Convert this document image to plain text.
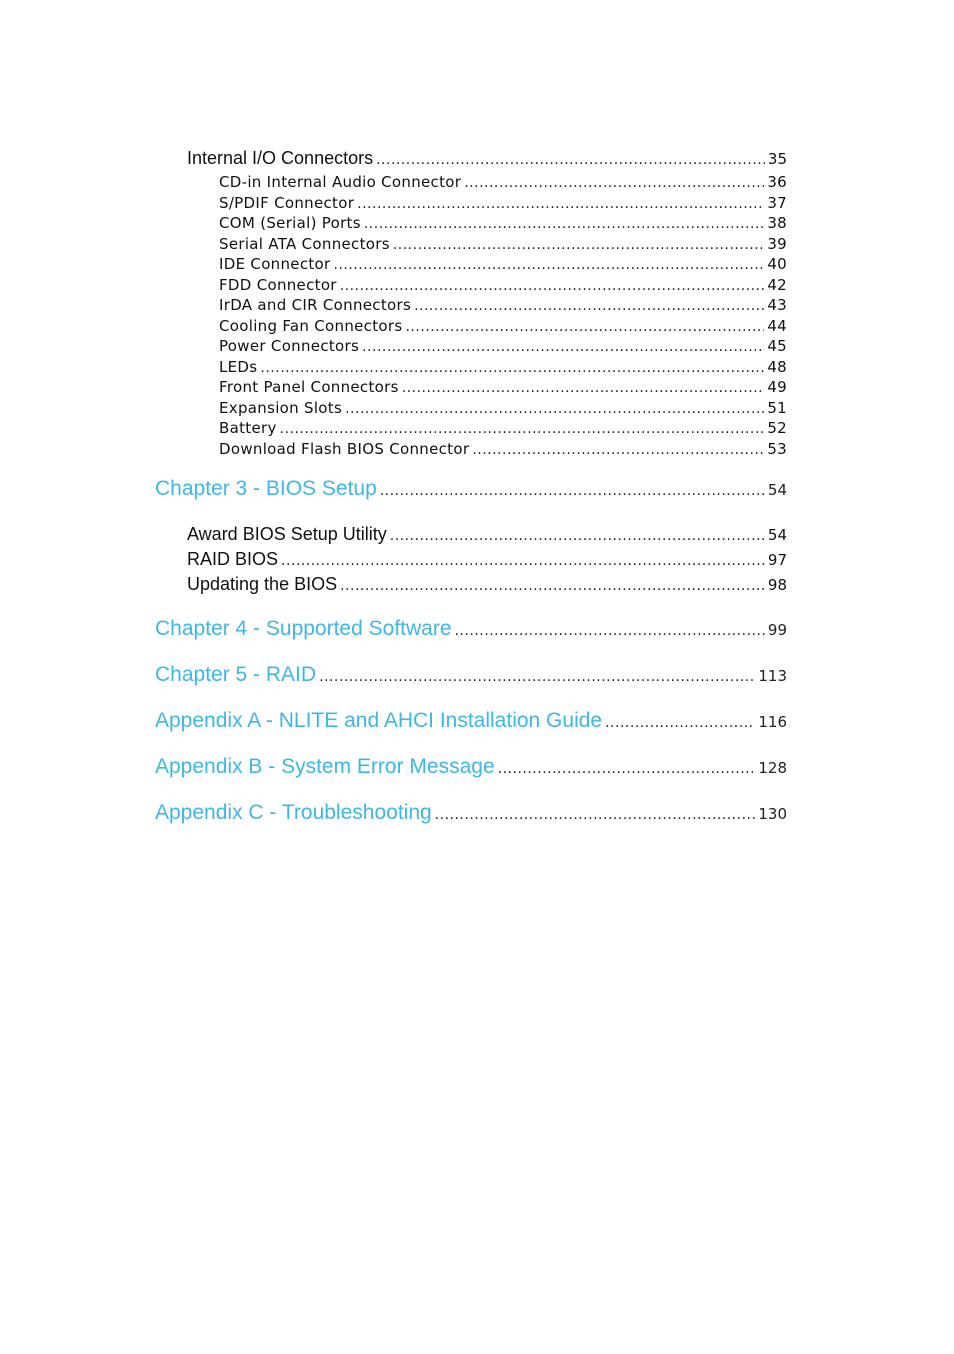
Internal I/O Connectors .....	35
CD-in Internal Audio Connector .....	36
S/PDIF Connector .....	37
COM (Serial) Ports .....	38
Serial ATA Connectors .....	39
IDE Connector .....	40
FDD Connector .....	42
IrDA and CIR Connectors .....	43
Cooling Fan Connectors .....	44
Power Connectors .....	45
LEDs .....	48
Front Panel Connectors .....	49
Expansion Slots .....	51
Battery .....	52
Download Flash BIOS Connector .....	53
Chapter 3 - BIOS Setup .....	54
Award BIOS Setup Utility .....	54
RAID BIOS .....	97
Updating the BIOS .....	98
Chapter 4 - Supported Software .....	99
Chapter 5 - RAID .....	113
Appendix A - NLITE and AHCI Installation Guide .....	116
Appendix B - System Error Message .....	128
Appendix C - Troubleshooting .....	130
